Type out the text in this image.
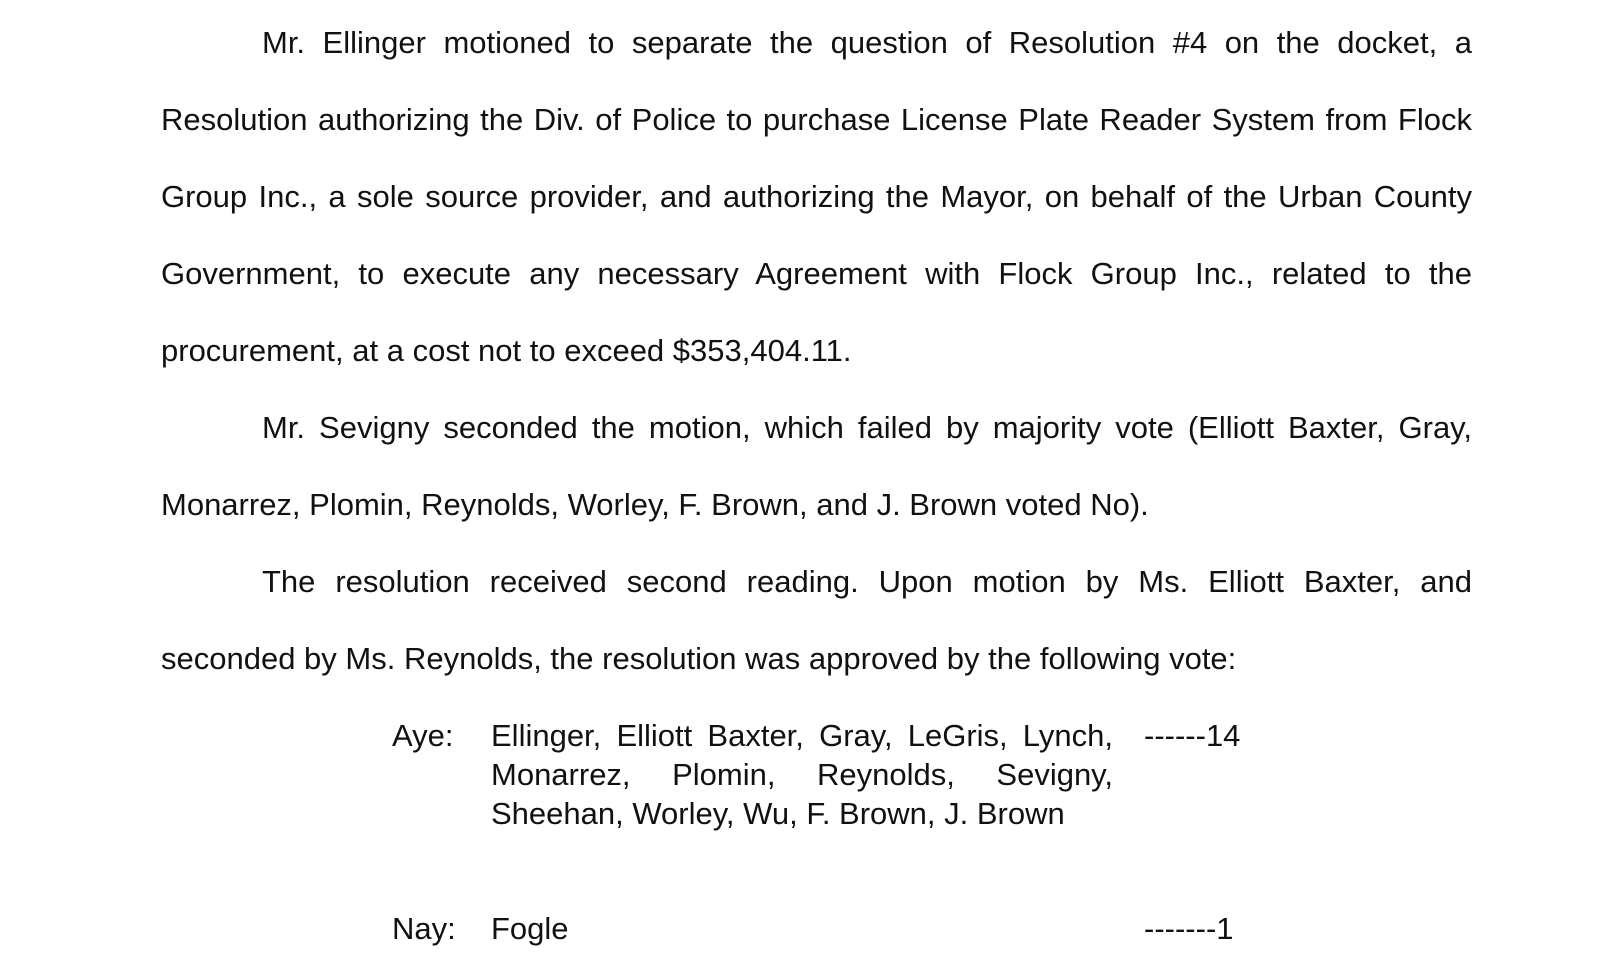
Mr. Ellinger motioned to separate the question of Resolution #4 on the docket, a Resolution authorizing the Div. of Police to purchase License Plate Reader System from Flock Group Inc., a sole source provider, and authorizing the Mayor, on behalf of the Urban County Government, to execute any necessary Agreement with Flock Group Inc., related to the procurement, at a cost not to exceed $353,404.11.

Mr. Sevigny seconded the motion, which failed by majority vote (Elliott Baxter, Gray, Monarrez, Plomin, Reynolds, Worley, F. Brown, and J. Brown voted No).

The resolution received second reading. Upon motion by Ms. Elliott Baxter, and seconded by Ms. Reynolds, the resolution was approved by the following vote:

Aye: Ellinger, Elliott Baxter, Gray, LeGris, Lynch, Monarrez, Plomin, Reynolds, Sevigny, Sheehan, Worley, Wu, F. Brown, J. Brown
------14
Nay: Fogle	-------1
